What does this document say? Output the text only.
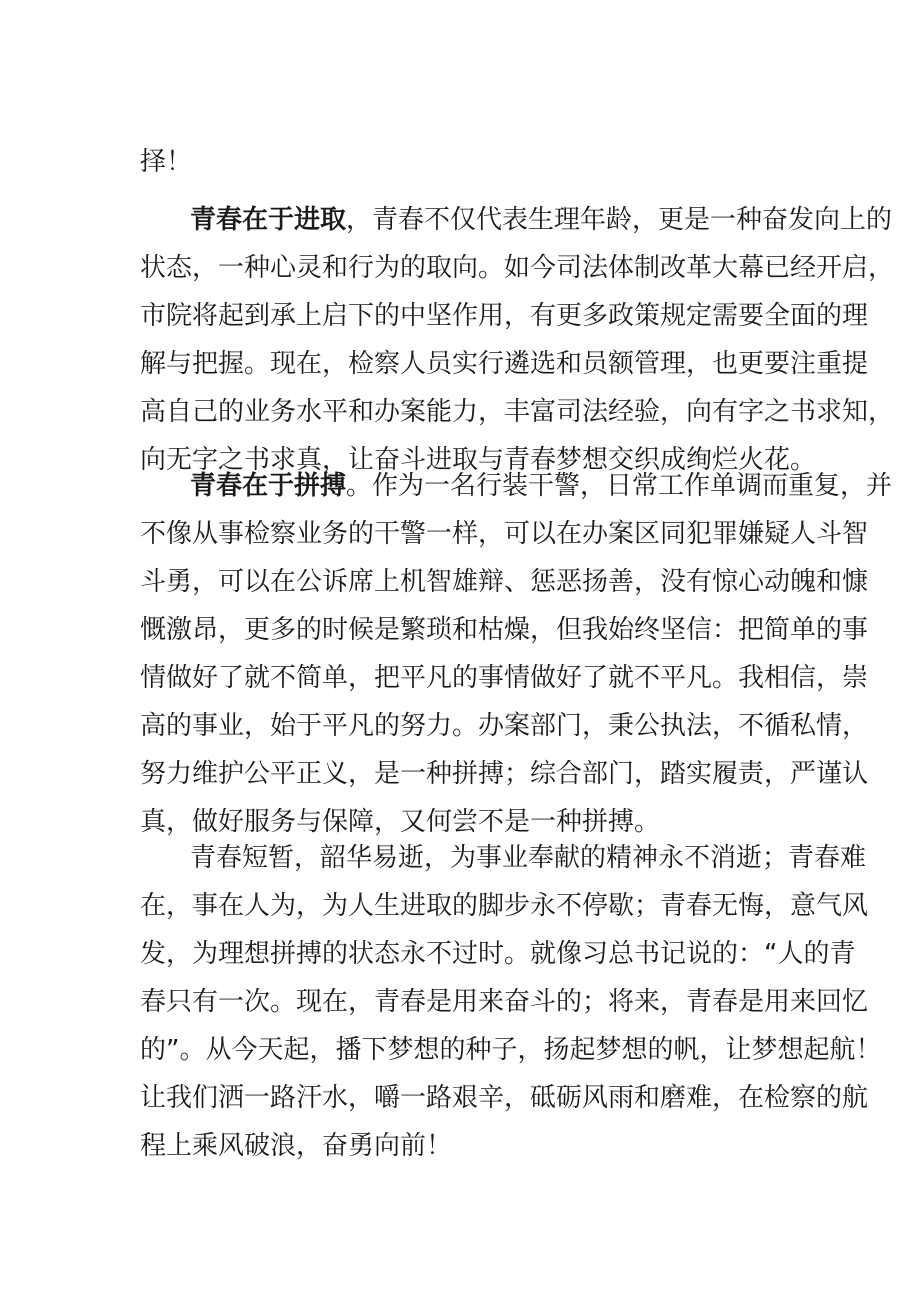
择！
青春在于进取，青春不仅代表生理年龄，更是一种奋发向上的
状态，一种心灵和行为的取向。如今司法体制改革大幕已经开启，
市院将起到承上启下的中坚作用，有更多政策规定需要全面的理
解与把握。现在，检察人员实行遴选和员额管理，也更要注重提
高自己的业务水平和办案能力，丰富司法经验，向有字之书求知，
向无字之书求真，让奋斗进取与青春梦想交织成绚烂火花。
青春在于拼搏。作为一名行装干警，日常工作单调而重复，并
不像从事检察业务的干警一样，可以在办案区同犯罪嫌疑人斗智
斗勇，可以在公诉席上机智雄辩、惩恶扬善，没有惊心动魄和慷
慨激昂，更多的时候是繁琐和枯燥，但我始终坚信：把简单的事
情做好了就不简单，把平凡的事情做好了就不平凡。我相信，崇
高的事业，始于平凡的努力。办案部门，秉公执法，不循私情，
努力维护公平正义，是一种拼搏；综合部门，踏实履责，严谨认
真，做好服务与保障，又何尝不是一种拼搏。
青春短暂，韶华易逝，为事业奉献的精神永不消逝；青春难
在，事在人为，为人生进取的脚步永不停歇；青春无悔，意气风
发，为理想拼搏的状态永不过时。就像习总书记说的：“人的青
春只有一次。现在，青春是用来奋斗的；将来，青春是用来回忆
的”。从今天起，播下梦想的种子，扬起梦想的帆，让梦想起航！
让我们洒一路汗水，嚼一路艰辛，砥砺风雨和磨难，在检察的航
程上乘风破浪，奋勇向前！
